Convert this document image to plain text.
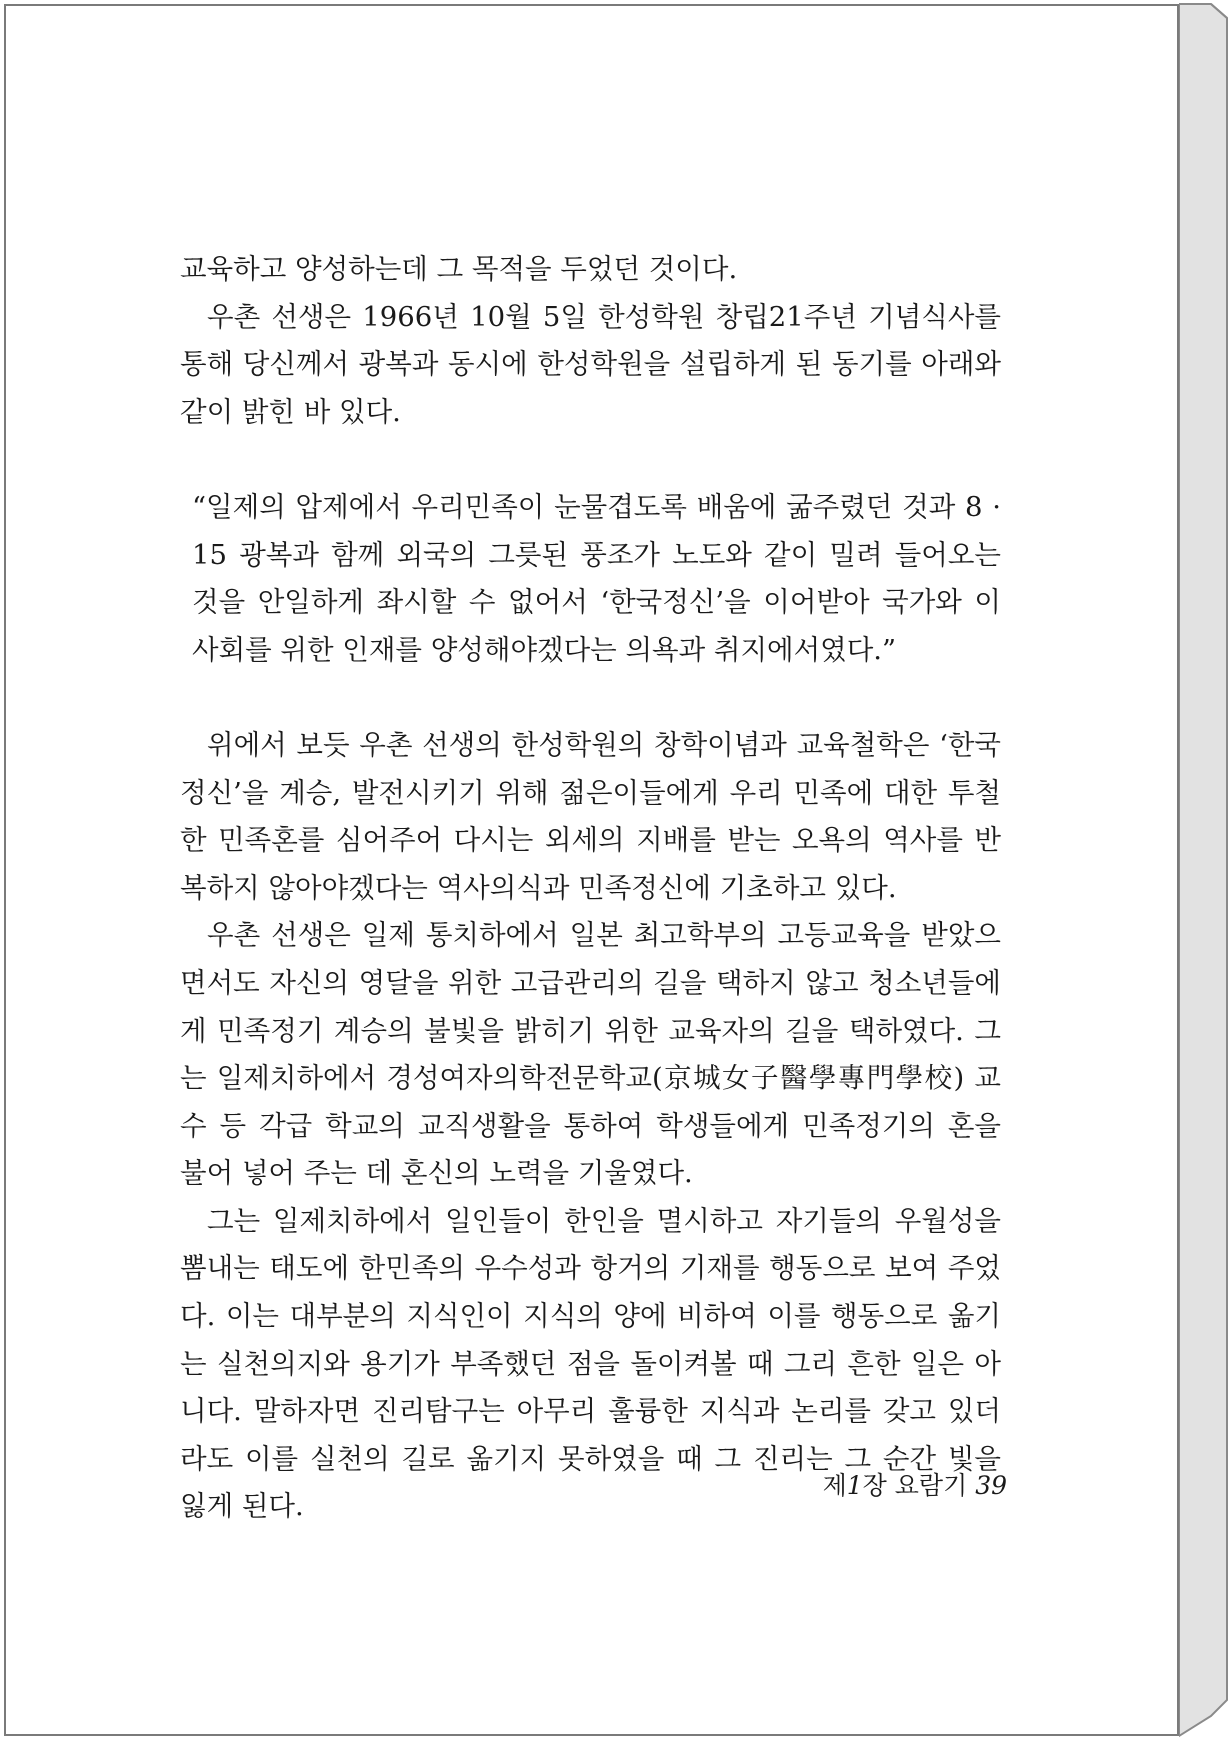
교육하고 양성하는데 그 목적을 두었던 것이다.

우촌 선생은 1966년 10월 5일 한성학원 창립21주년 기념식사를 통해 당신께서 광복과 동시에 한성학원을 설립하게 된 동기를 아래와 같이 밝힌 바 있다.

“일제의 압제에서 우리민족이 눈물겹도록 배움에 굶주렸던 것과 8 · 15 광복과 함께 외국의 그릇된 풍조가 노도와 같이 밀려 들어오는 것을 안일하게 좌시할 수 없어서 ‘한국정신’을 이어받아 국가와 이 사회를 위한 인재를 양성해야겠다는 의욕과 취지에서였다.”

위에서 보듯 우촌 선생의 한성학원의 창학이념과 교육철학은 ‘한국정신’을 계승, 발전시키기 위해 젊은이들에게 우리 민족에 대한 투철한 민족혼를 심어주어 다시는 외세의 지배를 받는 오욕의 역사를 반복하지 않아야겠다는 역사의식과 민족정신에 기초하고 있다.

우촌 선생은 일제 통치하에서 일본 최고학부의 고등교육을 받았으면서도 자신의 영달을 위한 고급관리의 길을 택하지 않고 청소년들에게 민족정기 계승의 불빛을 밝히기 위한 교육자의 길을 택하였다. 그는 일제치하에서 경성여자의학전문학교(京城女子醫學專門學校) 교수 등 각급 학교의 교직생활을 통하여 학생들에게 민족정기의 혼을 불어 넣어 주는 데 혼신의 노력을 기울였다.

그는 일제치하에서 일인들이 한인을 멸시하고 자기들의 우월성을 뽐내는 태도에 한민족의 우수성과 항거의 기재를 행동으로 보여 주었다. 이는 대부분의 지식인이 지식의 양에 비하여 이를 행동으로 옮기는 실천의지와 용기가 부족했던 점을 돌이켜볼 때 그리 흔한 일은 아니다. 말하자면 진리탐구는 아무리 훌륭한 지식과 논리를 갖고 있더라도 이를 실천의 길로 옮기지 못하였을 때 그 진리는 그 순간 빛을 잃게 된다.

제1장 요람기 39
